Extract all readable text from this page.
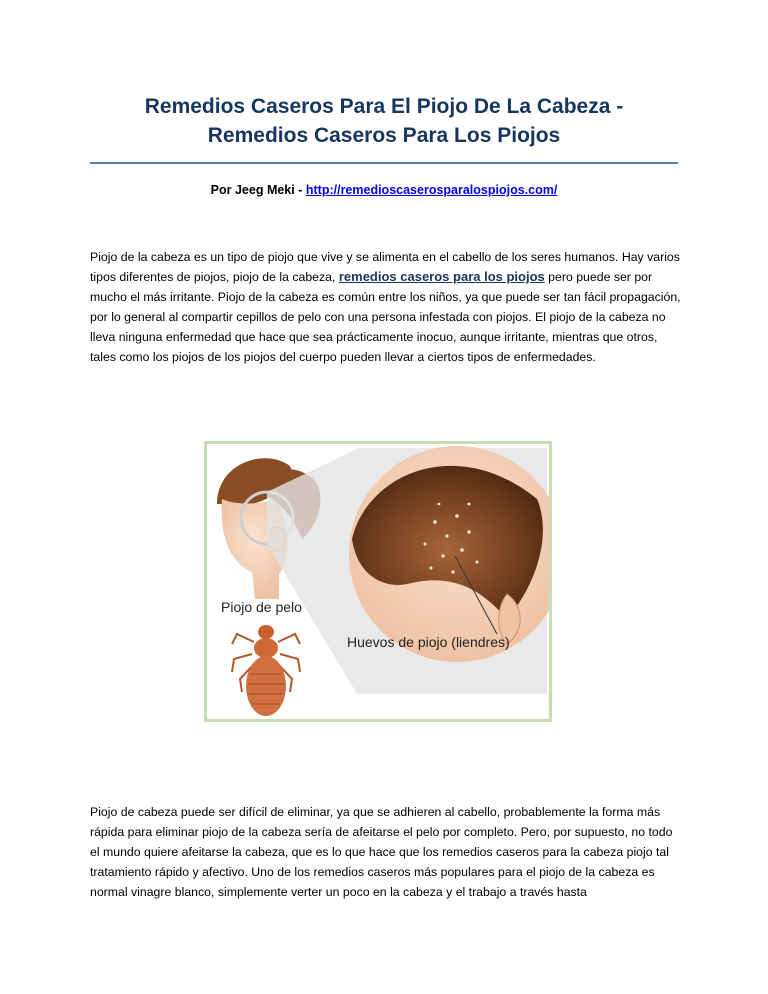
Remedios Caseros Para El Piojo De La Cabeza -
Remedios Caseros Para Los Piojos
Por Jeeg Meki - http://remedioscaserosparalospiojos.com/
Piojo de la cabeza es un tipo de piojo que vive y se alimenta en el cabello de los seres humanos. Hay varios tipos diferentes de piojos, piojo de la cabeza, remedios caseros para los piojos pero puede ser por mucho el más irritante. Piojo de la cabeza es común entre los niños, ya que puede ser tan fácil propagación, por lo general al compartir cepillos de pelo con una persona infestada con piojos. El piojo de la cabeza no lleva ninguna enfermedad que hace que sea prácticamente inocuo, aunque irritante, mientras que otros, tales como los piojos de los piojos del cuerpo pueden llevar a ciertos tipos de enfermedades.
Piojo de pelo
Huevos de piojo (liendres)
Piojo de cabeza puede ser difícil de eliminar, ya que se adhieren al cabello, probablemente la forma más rápida para eliminar piojo de la cabeza sería de afeitarse el pelo por completo. Pero, por supuesto, no todo el mundo quiere afeitarse la cabeza, que es lo que hace que los remedios caseros para la cabeza piojo tal tratamiento rápido y afectivo. Uno de los remedios caseros más populares para el piojo de la cabeza es normal vinagre blanco, simplemente verter un poco en la cabeza y el trabajo a través hasta
